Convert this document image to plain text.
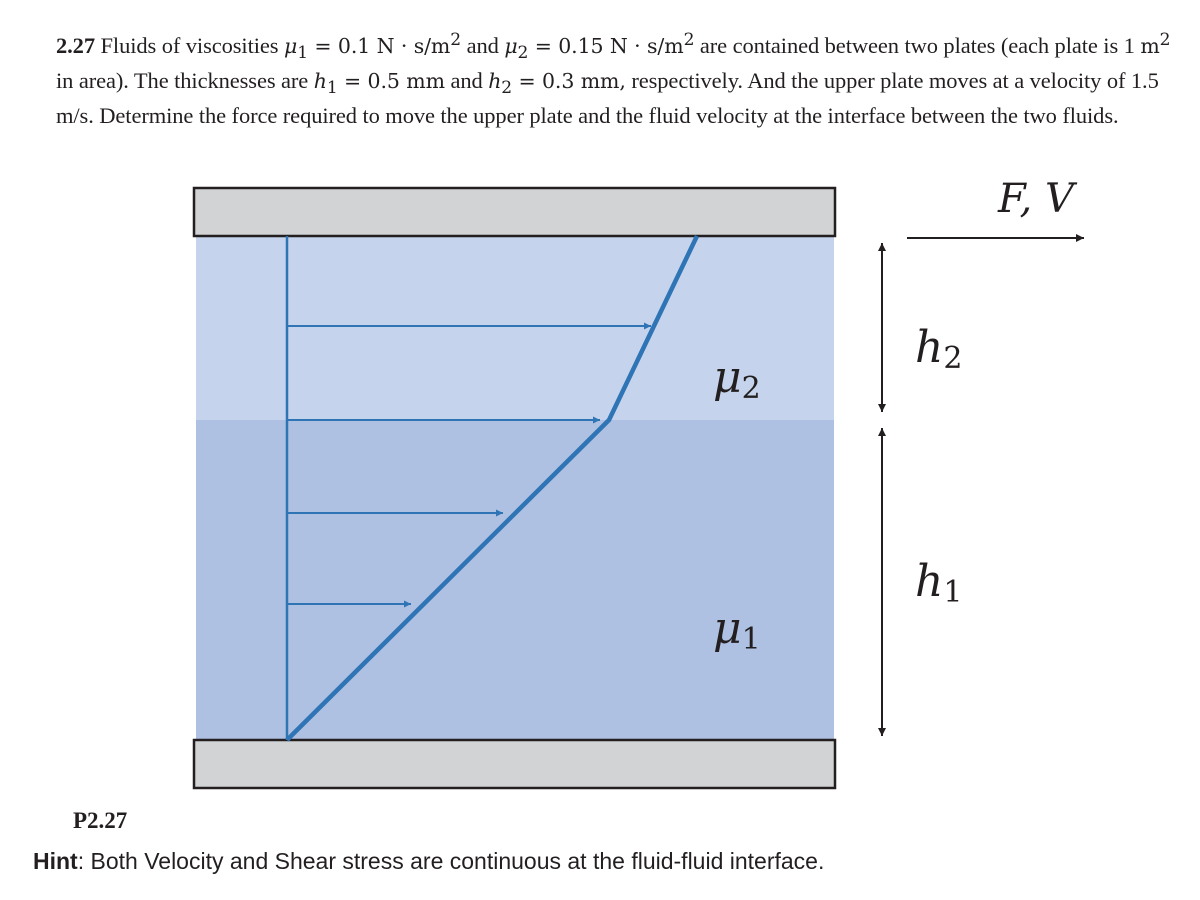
2.27 Fluids of viscosities $\mu_1 = 0.1$ $N \cdot s/m^2$ and $\mu_2 = 0.15$ $N \cdot s/m^2$ are contained between two plates (each plate is 1 $m^2$ in area). The thicknesses are $h_1 = 0.5$ mm and $h_2 = 0.3$ mm, respectively. And the upper plate moves at a velocity of 1.5 m/s. Determine the force required to move the upper plate and the fluid velocity at the interface between the two fluids.

μ2
μ1
h2
h1
F, V

P2.27

Hint: Both Velocity and Shear stress are continuous at the fluid-fluid interface.
